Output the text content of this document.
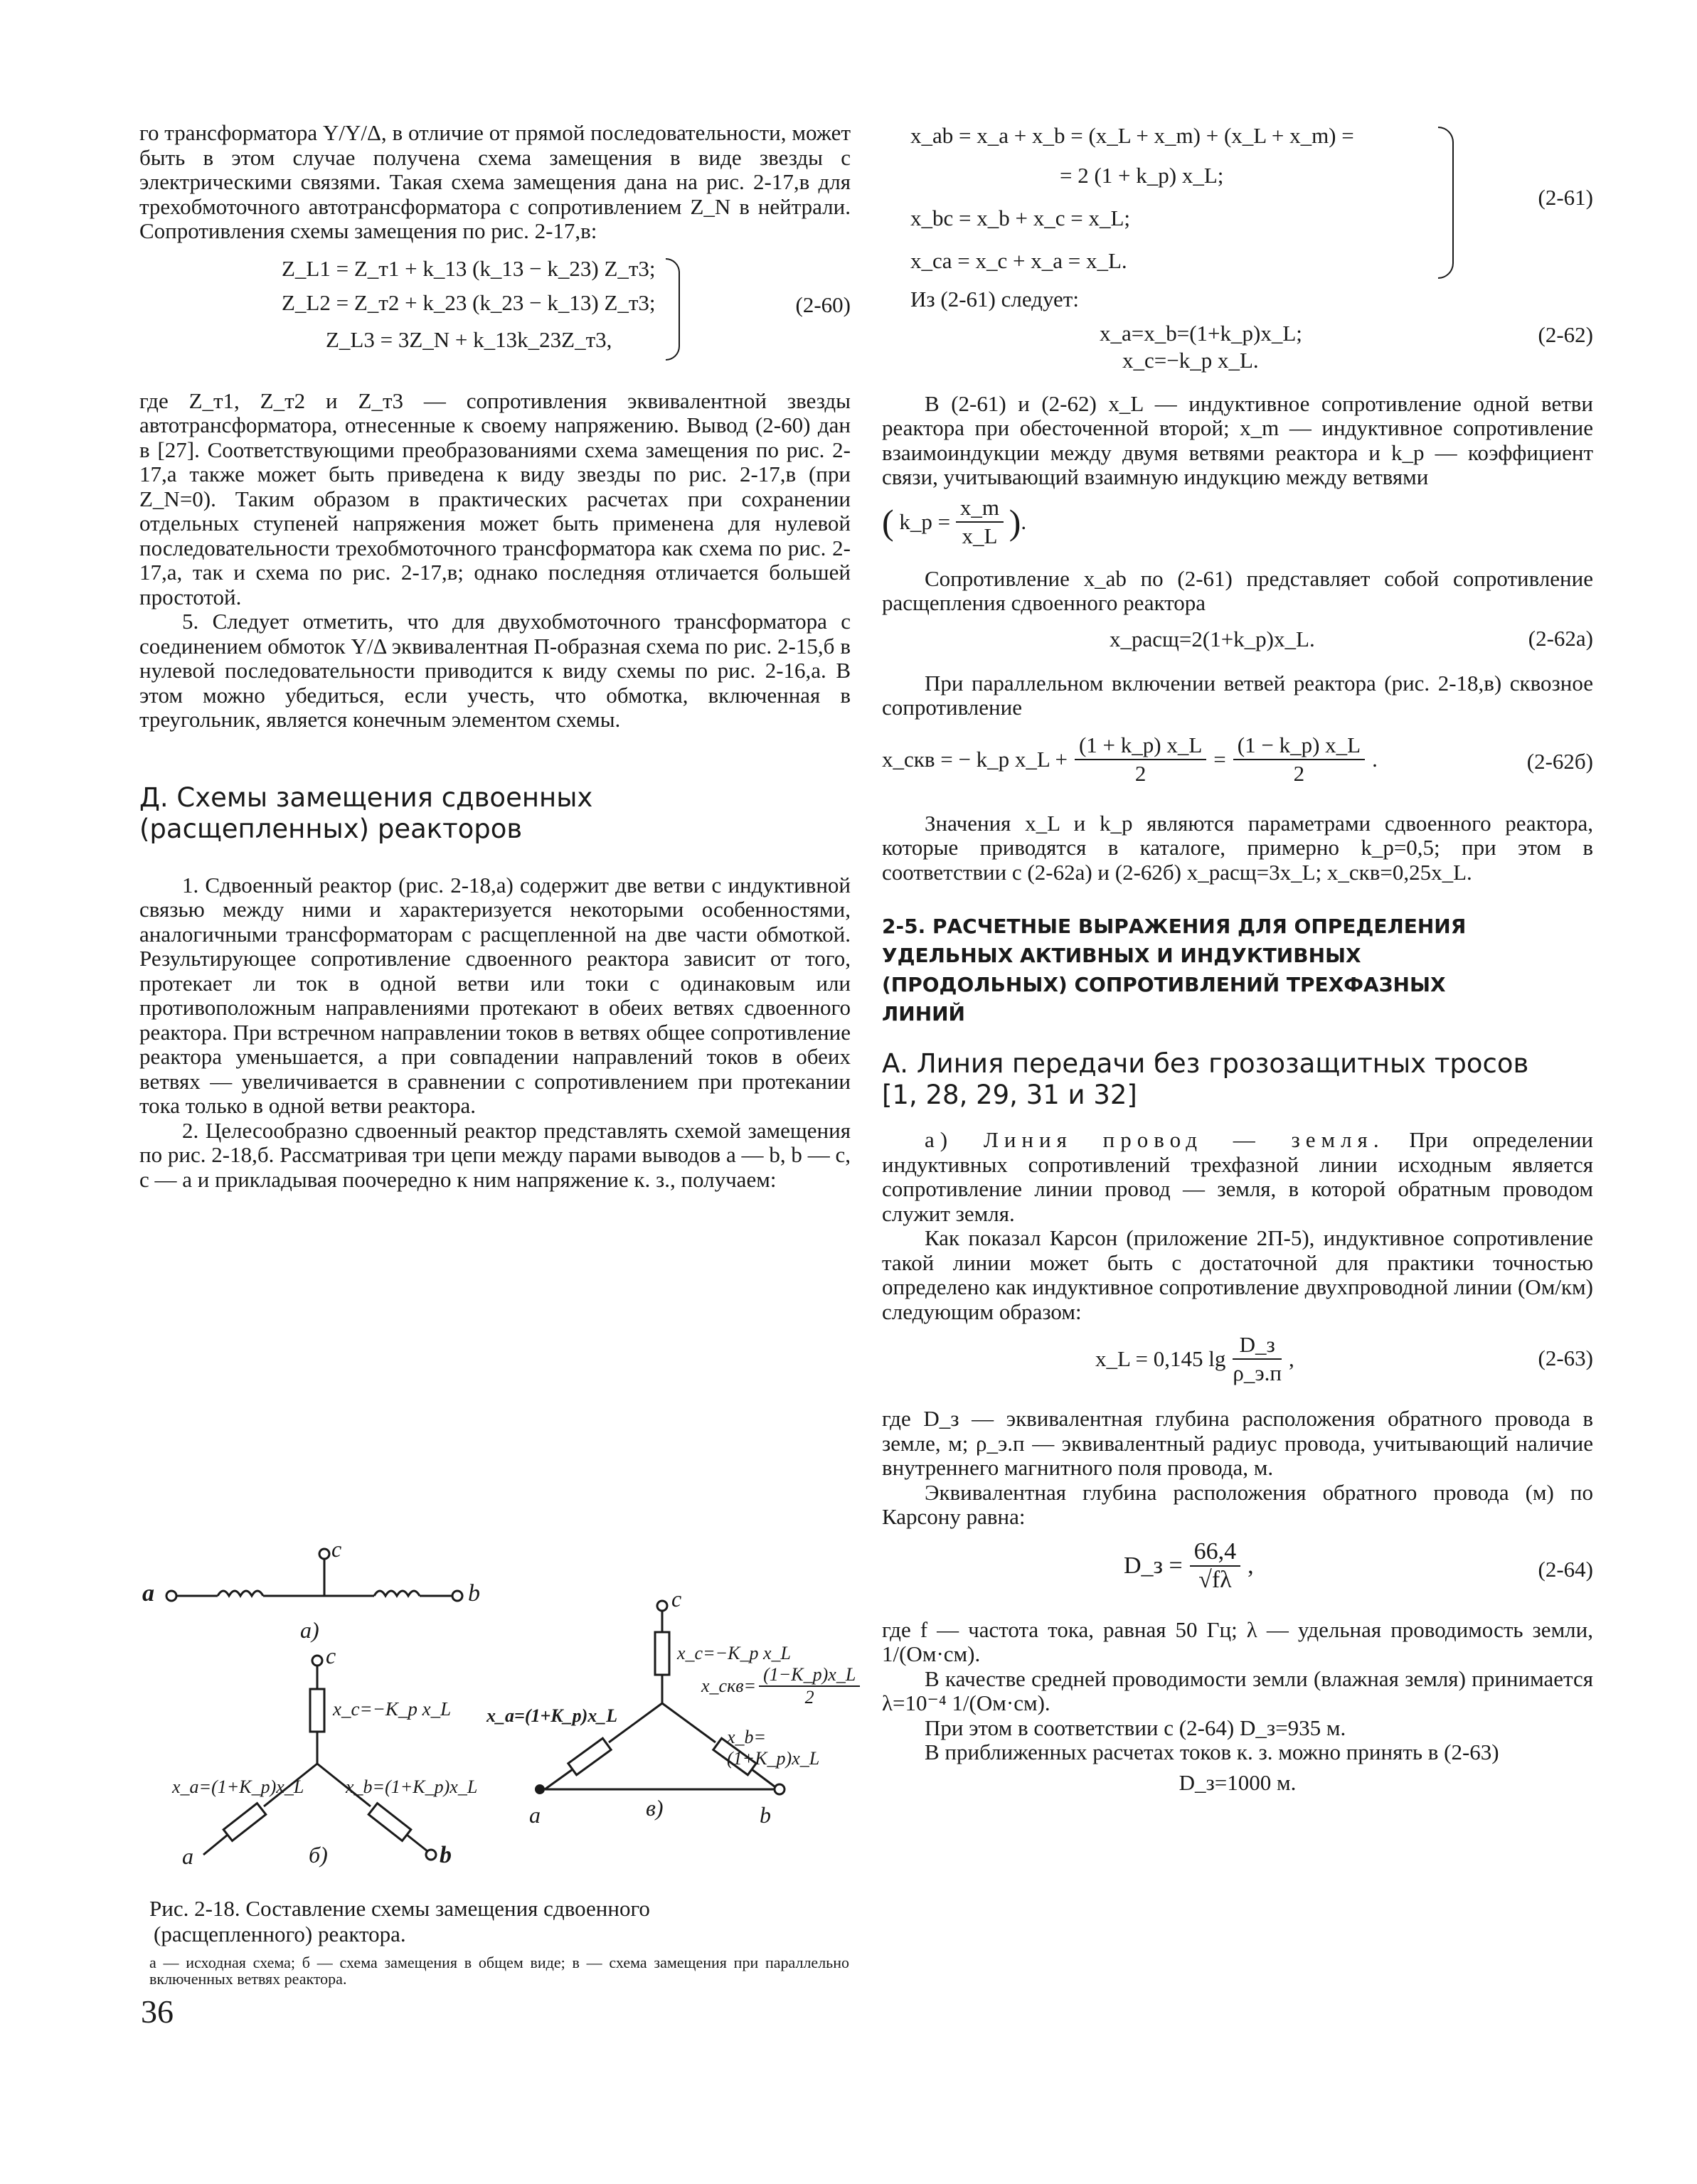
го трансформатора Y/Y/Δ, в отличие от прямой последовательности, может быть в этом случае получена схема замещения в виде звезды с электрическими связями. Такая схема замещения дана на рис. 2-17,в для трехобмоточного автотрансформатора с сопротивлением Z_N в нейтрали. Сопротивления схемы замещения по рис. 2-17,в:

Z_L1 = Z_т1 + k_13 (k_13 − k_23) Z_т3;
Z_L2 = Z_т2 + k_23 (k_23 − k_13) Z_т3;
Z_L3 = 3Z_N + k_13k_23Z_т3,
(2-60)

где Z_т1, Z_т2 и Z_т3 — сопротивления эквивалентной звезды автотрансформатора, отнесенные к своему напряжению. Вывод (2-60) дан в [27]. Соответствующими преобразованиями схема замещения по рис. 2-17,а также может быть приведена к виду звезды по рис. 2-17,в (при Z_N=0). Таким образом в практических расчетах при сохранении отдельных ступеней напряжения может быть применена для нулевой последовательности трехобмоточного трансформатора как схема по рис. 2-17,а, так и схема по рис. 2-17,в; однако последняя отличается большей простотой.

5. Следует отметить, что для двухобмоточного трансформатора с соединением обмоток Y/Δ эквивалентная П-образная схема по рис. 2-15,б в нулевой последовательности приводится к виду схемы по рис. 2-16,а. В этом можно убедиться, если учесть, что обмотка, включенная в треугольник, является конечным элементом схемы.

Д. Схемы замещения сдвоенных
(расщепленных) реакторов

1. Сдвоенный реактор (рис. 2-18,а) содержит две ветви с индуктивной связью между ними и характеризуется некоторыми особенностями, аналогичными трансформаторам с расщепленной на две части обмоткой. Результирующее сопротивление сдвоенного реактора зависит от того, протекает ли ток в одной ветви или токи с одинаковым или противоположным направлениями протекают в обеих ветвях сдвоенного реактора. При встречном направлении токов в ветвях общее сопротивление реактора уменьшается, а при совпадении направлений токов в обеих ветвях — увеличивается в сравнении с сопротивлением при протекании тока только в одной ветви реактора.

2. Целесообразно сдвоенный реактор представлять схемой замещения по рис. 2-18,б. Рассматривая три цепи между парами выводов a — b, b — c, c — a и прикладывая поочередно к ним напряжение к. з., получаем:

a
c
b
а)
c
x_c=−K_p x_L
x_a=(1+K_p)x_L x_b=(1+K_p)x_L
a	b
б)
c
x_c=−K_p x_L
x_скв= $\frac{(1-K\_p)x\_L}{2}$
x_a=(1+K_p)x_L
x_b=(1+K_p)x_L
a	b
в)

Рис. 2-18. Составление схемы замещения сдвоенного

(расщепленного) реактора.

а — исходная схема; б — схема замещения в общем виде; в — схема замещения при параллельно включенных ветвях реактора.

36
x_ab = x_a + x_b = (x_L + x_m) + (x_L + x_m) =
= 2 (1 + k_p) x_L;
x_bc = x_b + x_c = x_L;
x_ca = x_c + x_a = x_L.
(2-61)

Из (2-61) следует:

x_a=x_b=(1+k_p)x_L;
x_c=−k_p x_L.
(2-62)

В (2-61) и (2-62) x_L — индуктивное сопротивление одной ветви реактора при обесточенной второй; x_m — индуктивное сопротивление взаимоиндукции между двумя ветвями реактора и k_p — коэффициент связи, учитывающий взаимную индукцию между ветвями

( k_p = $\frac{x\_m}{x\_L}$ ).

Сопротивление x_ab по (2-61) представляет собой сопротивление расщепления сдвоенного реактора

x_расщ=2(1+k_p)x_L.	(2-62а)

При параллельном включении ветвей реактора (рис. 2-18,в) сквозное сопротивление

x_скв = − k_p x_L + $\frac{(1 + k\_p) x\_L}{2} = \frac{(1 - k\_p) x\_L}{2}$ .	(2-62б)

Значения x_L и k_p являются параметрами сдвоенного реактора, которые приводятся в каталоге, примерно k_p=0,5; при этом в соответствии с (2-62а) и (2-62б) x_расщ=3x_L; x_скв=0,25x_L.

2-5. РАСЧЕТНЫЕ ВЫРАЖЕНИЯ ДЛЯ ОПРЕДЕЛЕНИЯ
УДЕЛЬНЫХ АКТИВНЫХ И ИНДУКТИВНЫХ
(ПРОДОЛЬНЫХ) СОПРОТИВЛЕНИЙ ТРЕХФАЗНЫХ
ЛИНИЙ
А. Линия передачи без грозозащитных тросов
[1, 28, 29, 31 и 32]

а) Линия провод — земля. При определении индуктивных сопротивлений трехфазной линии исходным является сопротивление линии провод — земля, в которой обратным проводом служит земля.

Как показал Карсон (приложение 2П-5), индуктивное сопротивление такой линии может быть с достаточной для практики точностью определено как индуктивное сопротивление двухпроводной линии (Ом/км) следующим образом:

x_L = 0,145 $\lg \frac{D\_з}{\rho\_э.п}$ ,	(2-63)

где D_з — эквивалентная глубина расположения обратного провода в земле, м; ρ_э.п — эквивалентный радиус провода, учитывающий наличие внутреннего магнитного поля провода, м.

Эквивалентная глубина расположения обратного провода (м) по Карсону равна:

D_з = $\frac{66,4}{√f\lambda}$ ,	(2-64)

где f — частота тока, равная 50 Гц; λ — удельная проводимость земли, 1/(Ом·см).

В качестве средней проводимости земли (влажная земля) принимается λ=10⁻⁴ 1/(Ом·см).

При этом в соответствии с (2-64) D_з=935 м.

В приближенных расчетах токов к. з. можно принять в (2-63)

D_з=1000 м.
